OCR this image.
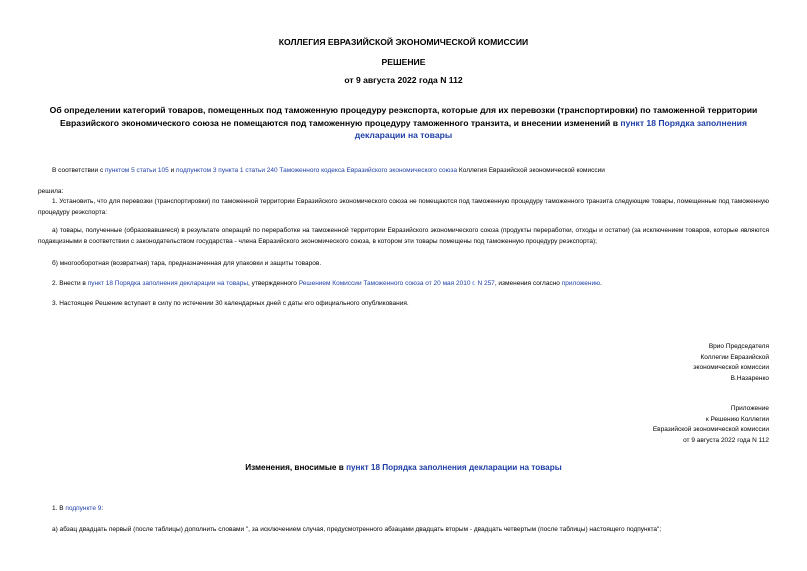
КОЛЛЕГИЯ ЕВРАЗИЙСКОЙ ЭКОНОМИЧЕСКОЙ КОМИССИИ
РЕШЕНИЕ
от 9 августа 2022 года N 112
Об определении категорий товаров, помещенных под таможенную процедуру реэкспорта, которые для их перевозки (транспортировки) по таможенной территории Евразийского экономического союза не помещаются под таможенную процедуру таможенного транзита, и внесении изменений в пункт 18 Порядка заполнения декларации на товары
В соответствии с пунктом 5 статьи 105 и подпунктом 3 пункта 1 статьи 240 Таможенного кодекса Евразийского экономического союза Коллегия Евразийской экономической комиссии
решила:
1. Установить, что для перевозки (транспортировки) по таможенной территории Евразийского экономического союза не помещаются под таможенную процедуру таможенного транзита следующие товары, помещенные под таможенную процедуру реэкспорта:
а) товары, полученные (образовавшиеся) в результате операций по переработке на таможенной территории Евразийского экономического союза (продукты переработки, отходы и остатки) (за исключением товаров, которые являются подакцизными в соответствии с законодательством государства - члена Евразийского экономического союза, в котором эти товары помещены под таможенную процедуру реэкспорта);
б) многооборотная (возвратная) тара, предназначенная для упаковки и защиты товаров.
2. Внести в пункт 18 Порядка заполнения декларации на товары, утвержденного Решением Комиссии Таможенного союза от 20 мая 2010 г. N 257, изменения согласно приложению.
3. Настоящее Решение вступает в силу по истечении 30 календарных дней с даты его официального опубликования.
Врио Председателя
Коллегии Евразийской
экономической комиссии
В.Назаренко
Приложение
к Решению Коллегии
Евразийской экономической комиссии
от 9 августа 2022 года N 112
Изменения, вносимые в пункт 18 Порядка заполнения декларации на товары
1. В подпункте 9:
а) абзац двадцать первый (после таблицы) дополнить словами ", за исключением случая, предусмотренного абзацами двадцать вторым - двадцать четвертым (после таблицы) настоящего подпункта";
